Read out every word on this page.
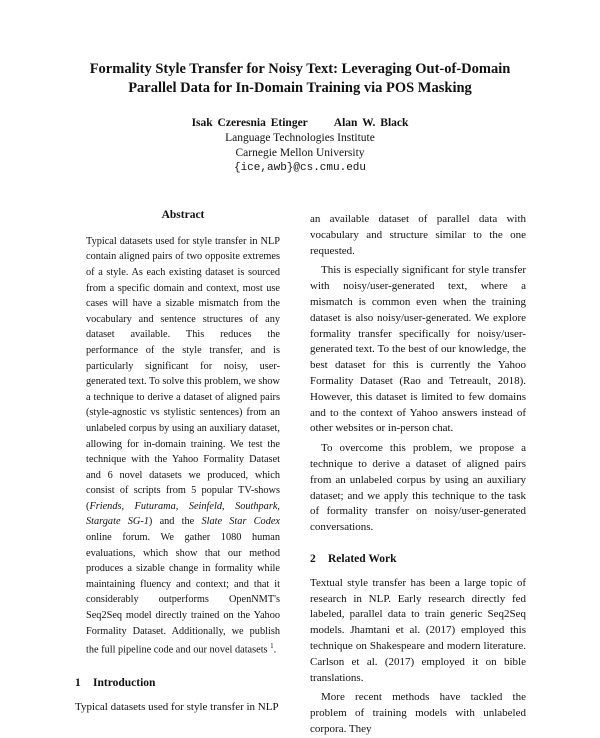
Formality Style Transfer for Noisy Text: Leveraging Out-of-Domain
Parallel Data for In-Domain Training via POS Masking
Isak Czeresnia Etinger Alan W. Black
Language Technologies Institute
Carnegie Mellon University
{ice,awb}@cs.cmu.edu
Abstract

Typical datasets used for style transfer in NLP contain aligned pairs of two opposite extremes of a style. As each existing dataset is sourced from a specific domain and context, most use cases will have a sizable mismatch from the vocabulary and sentence structures of any dataset available. This reduces the performance of the style transfer, and is particularly significant for noisy, user-generated text. To solve this problem, we show a technique to derive a dataset of aligned pairs (style-agnostic vs stylistic sentences) from an unlabeled corpus by using an auxiliary dataset, allowing for in-domain training. We test the technique with the Yahoo Formality Dataset and 6 novel datasets we produced, which consist of scripts from 5 popular TV-shows (Friends, Futurama, Seinfeld, Southpark, Stargate SG-1) and the Slate Star Codex online forum. We gather 1080 human evaluations, which show that our method produces a sizable change in formality while maintaining fluency and context; and that it considerably outperforms OpenNMT's Seq2Seq model directly trained on the Yahoo Formality Dataset. Additionally, we publish the full pipeline code and our novel datasets $^1$.

1 Introduction

Typical datasets used for style transfer in NLP

an available dataset of parallel data with vocabulary and structure similar to the one requested.

This is especially significant for style transfer with noisy/user-generated text, where a mismatch is common even when the training dataset is also noisy/user-generated. We explore formality transfer specifically for noisy/user-generated text. To the best of our knowledge, the best dataset for this is currently the Yahoo Formality Dataset (Rao and Tetreault, 2018). However, this dataset is limited to few domains and to the context of Yahoo answers instead of other websites or in-person chat.

To overcome this problem, we propose a technique to derive a dataset of aligned pairs from an unlabeled corpus by using an auxiliary dataset; and we apply this technique to the task of formality transfer on noisy/user-generated conversations.

2 Related Work

Textual style transfer has been a large topic of research in NLP. Early research directly fed labeled, parallel data to train generic Seq2Seq models. Jhamtani et al. (2017) employed this technique on Shakespeare and modern literature. Carlson et al. (2017) employed it on bible translations.

More recent methods have tackled the problem of training models with unlabeled corpora. They
